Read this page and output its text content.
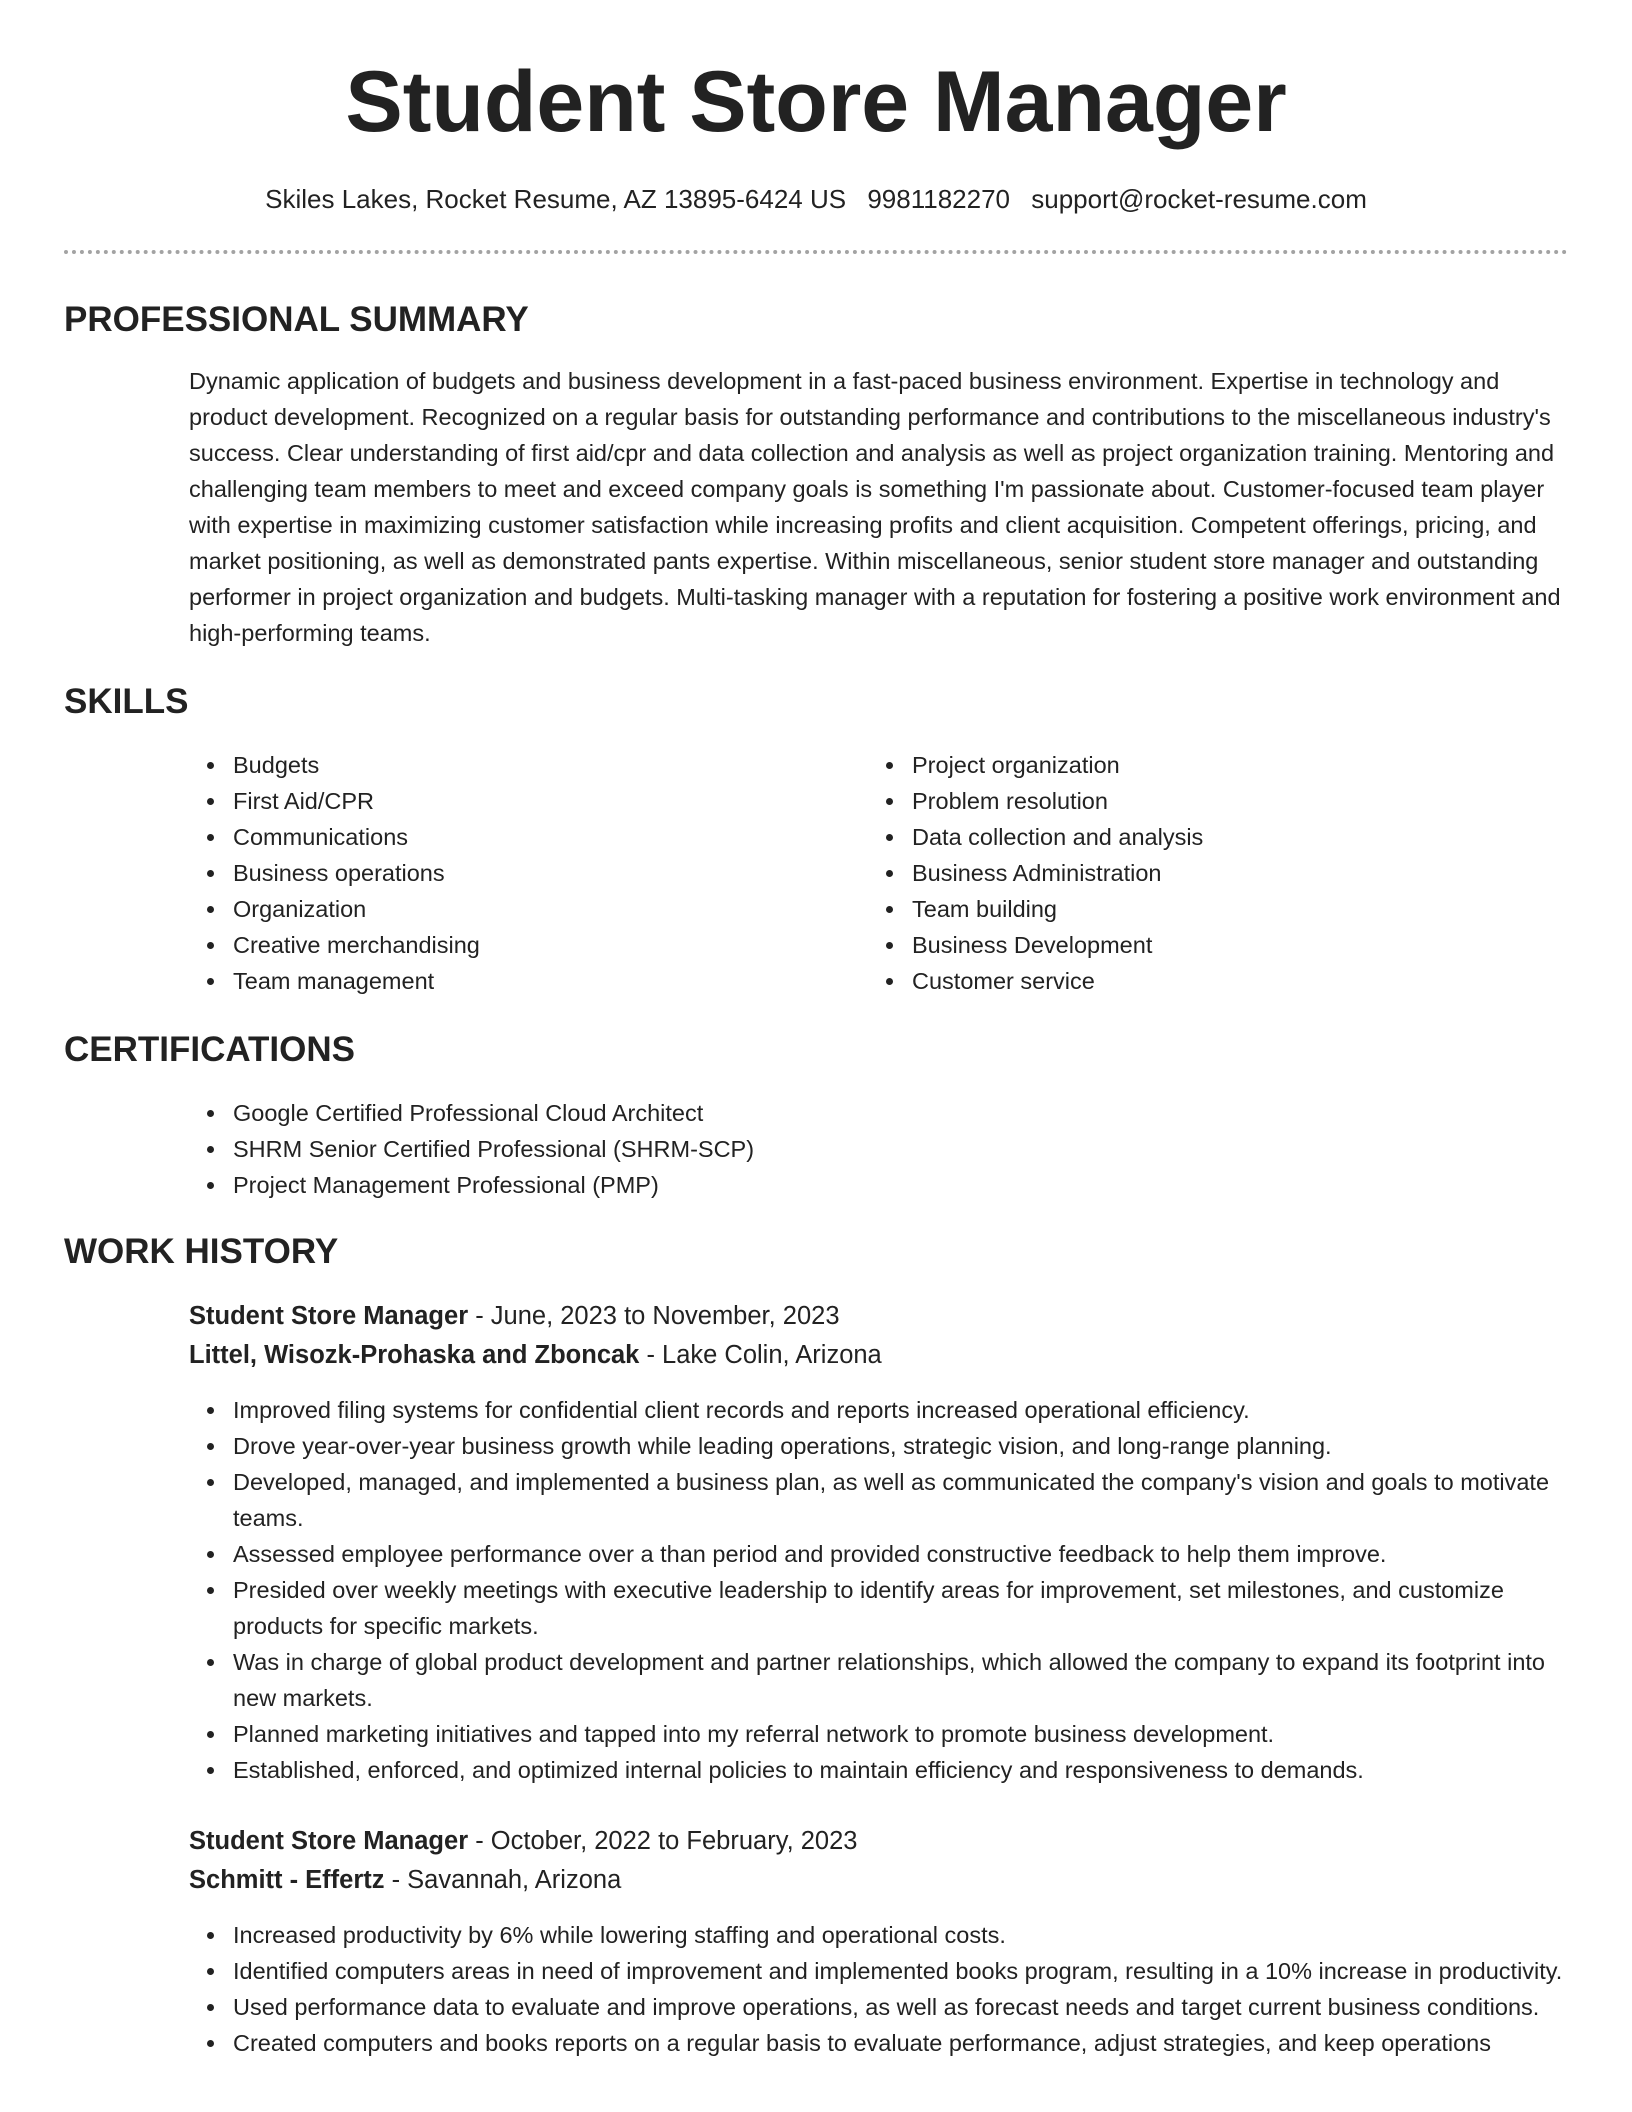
Student Store Manager
Skiles Lakes, Rocket Resume, AZ 13895-6424 US 9981182270 support@rocket-resume.com
PROFESSIONAL SUMMARY

Dynamic application of budgets and business development in a fast-paced business environment. Expertise in technology and product development. Recognized on a regular basis for outstanding performance and contributions to the miscellaneous industry's success. Clear understanding of first aid/cpr and data collection and analysis as well as project organization training. Mentoring and challenging team members to meet and exceed company goals is something I'm passionate about. Customer-focused team player with expertise in maximizing customer satisfaction while increasing profits and client acquisition. Competent offerings, pricing, and market positioning, as well as demonstrated pants expertise. Within miscellaneous, senior student store manager and outstanding performer in project organization and budgets. Multi-tasking manager with a reputation for fostering a positive work environment and high-performing teams.

SKILLS
Budgets
First Aid/CPR
Communications
Business operations
Organization
Creative merchandising
Team management
Project organization
Problem resolution
Data collection and analysis
Business Administration
Team building
Business Development
Customer service
CERTIFICATIONS
Google Certified Professional Cloud Architect
SHRM Senior Certified Professional (SHRM-SCP)
Project Management Professional (PMP)
WORK HISTORY
Student Store Manager - June, 2023 to November, 2023
Littel, Wisozk-Prohaska and Zboncak - Lake Colin, Arizona
Improved filing systems for confidential client records and reports increased operational efficiency.
Drove year-over-year business growth while leading operations, strategic vision, and long-range planning.
Developed, managed, and implemented a business plan, as well as communicated the company's vision and goals to motivate teams.
Assessed employee performance over a than period and provided constructive feedback to help them improve.
Presided over weekly meetings with executive leadership to identify areas for improvement, set milestones, and customize products for specific markets.
Was in charge of global product development and partner relationships, which allowed the company to expand its footprint into new markets.
Planned marketing initiatives and tapped into my referral network to promote business development.
Established, enforced, and optimized internal policies to maintain efficiency and responsiveness to demands.
Student Store Manager - October, 2022 to February, 2023
Schmitt - Effertz - Savannah, Arizona
Increased productivity by 6% while lowering staffing and operational costs.
Identified computers areas in need of improvement and implemented books program, resulting in a 10% increase in productivity.
Used performance data to evaluate and improve operations, as well as forecast needs and target current business conditions.
Created computers and books reports on a regular basis to evaluate performance, adjust strategies, and keep operations
